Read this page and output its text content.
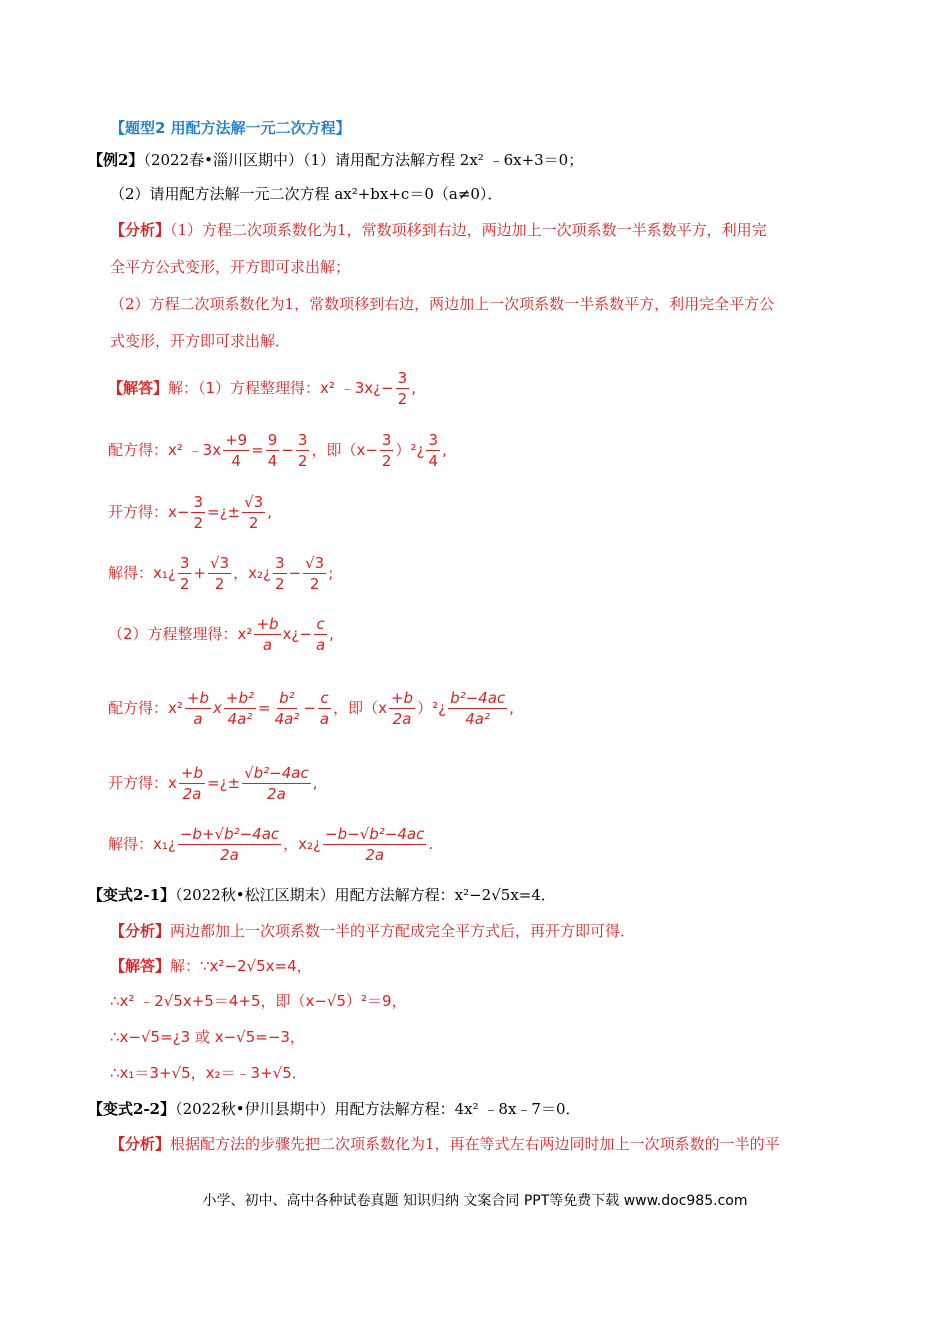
【题型2 用配方法解一元二次方程】
【例2】（2022春•淄川区期中）（1）请用配方法解方程 2x² ﹣6x+3＝0；
（2）请用配方法解一元二次方程 ax²+bx+c＝0（a≠0）．
【分析】（1）方程二次项系数化为1，常数项移到右边，两边加上一次项系数一半系数平方，利用完
全平方公式变形，开方即可求出解；
（2）方程二次项系数化为1，常数项移到右边，两边加上一次项系数一半系数平方，利用完全平方公
式变形，开方即可求出解．
【解答】解：（1）方程整理得：x² ﹣3x¿− $\frac{3}{2}$ ,
配方得：x² ﹣3x $\frac{+9}{4} = \frac{9}{4} - \frac{3}{2}$ ，即（$x- \frac{3}{2}$ ）²¿ $\frac{3}{4}$ ,
开方得：$x- \frac{3}{2}$ =¿± $\frac{√3}{2}$ ,
解得：x₁¿ $\frac{3}{2} + \frac{√3}{2}$ ，x₂¿ $\frac{3}{2} - \frac{√3}{2}$ ;
（2）方程整理得：$x^2 \frac{+b}{a}$ x¿− $\frac{c}{a}$ ,
配方得：$x^2 \frac{+b}{a}$ x $\frac{\text{+b²}}{\text{4a²}} = \frac{\text{b²}}{\text{4a²}} - \frac{c}{a}$ ，即（$x \frac{+b}{2a}$ ）²¿ $\frac{\text{b²−4ac}}{\text{4a²}}$ ,
开方得：x $\frac{+b}{2a}$ =¿± $\frac{\text{√b²−4ac}}{2a}$ ,
解得：x₁¿ $\frac{\text{−b+√b²−4ac}}{2a}$ ，x₂¿ $\frac{\text{−b−√b²−4ac}}{2a}$ .
【变式2-1】（2022秋•松江区期末）用配方法解方程：x²−2√5x=4．
【分析】两边都加上一次项系数一半的平方配成完全平方式后，再开方即可得．
【解答】解：∵x²−2√5x=4，
∴x² ﹣2√5x+5＝4+5，即（x−√5）²＝9，
∴x−√5=¿3 或 x−√5=−3，
∴x₁＝3+√5，x₂＝﹣3+√5．
【变式2-2】（2022秋•伊川县期中）用配方法解方程：4x² ﹣8x﹣7＝0．
【分析】根据配方法的步骤先把二次项系数化为1，再在等式左右两边同时加上一次项系数的一半的平
小学、初中、高中各种试卷真题 知识归纳 文案合同 PPT等免费下载 www.doc985.com
